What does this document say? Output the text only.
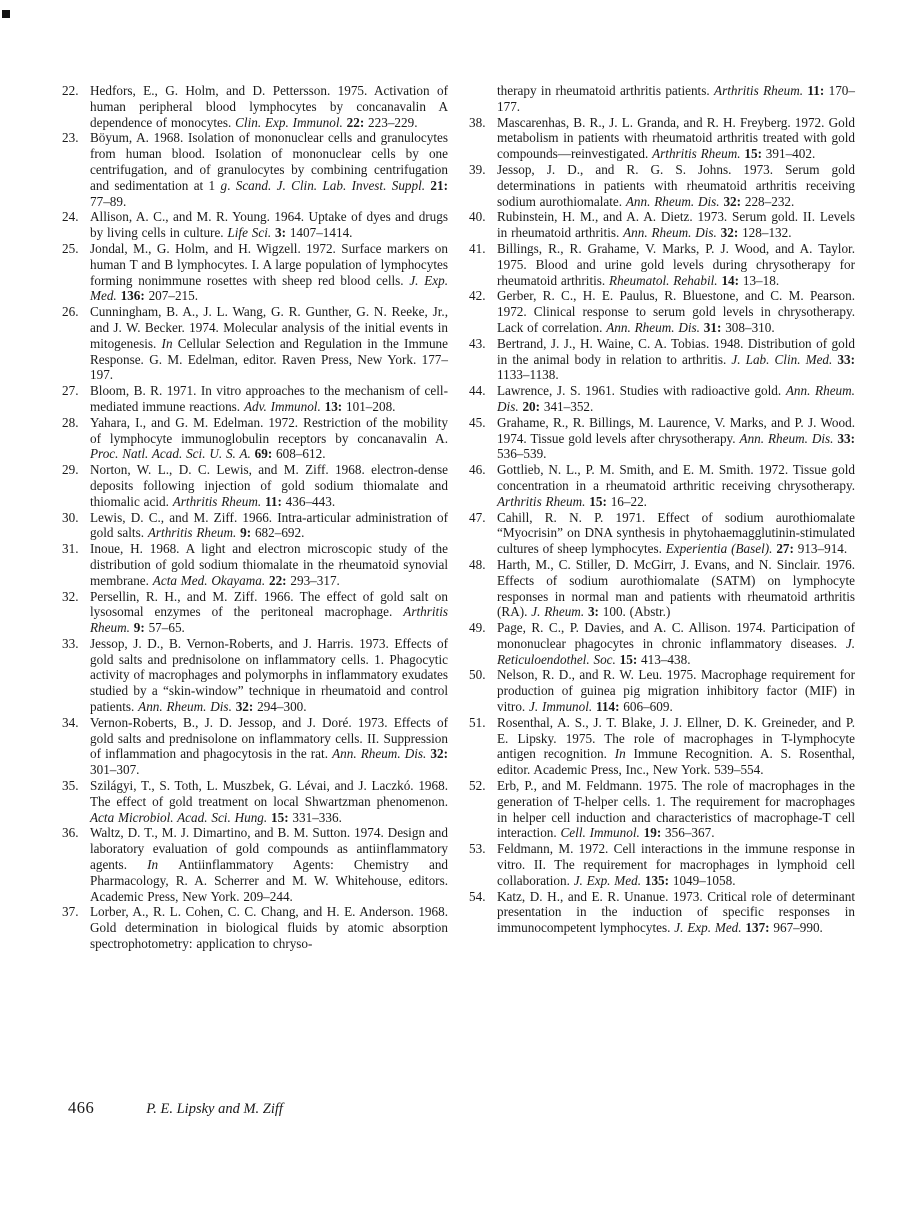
22. Hedfors, E., G. Holm, and D. Pettersson. 1975. Activation of human peripheral blood lymphocytes by concanavalin A dependence of monocytes. Clin. Exp. Immunol. 22: 223–229.
23. Böyum, A. 1968. Isolation of mononuclear cells and granulocytes from human blood. Isolation of mononuclear cells by one centrifugation, and of granulocytes by combining centrifugation and sedimentation at 1 g. Scand. J. Clin. Lab. Invest. Suppl. 21: 77–89.
24. Allison, A. C., and M. R. Young. 1964. Uptake of dyes and drugs by living cells in culture. Life Sci. 3: 1407–1414.
25. Jondal, M., G. Holm, and H. Wigzell. 1972. Surface markers on human T and B lymphocytes. I. A large population of lymphocytes forming nonimmune rosettes with sheep red blood cells. J. Exp. Med. 136: 207–215.
26. Cunningham, B. A., J. L. Wang, G. R. Gunther, G. N. Reeke, Jr., and J. W. Becker. 1974. Molecular analysis of the initial events in mitogenesis. In Cellular Selection and Regulation in the Immune Response. G. M. Edelman, editor. Raven Press, New York. 177–197.
27. Bloom, B. R. 1971. In vitro approaches to the mechanism of cell-mediated immune reactions. Adv. Immunol. 13: 101–208.
28. Yahara, I., and G. M. Edelman. 1972. Restriction of the mobility of lymphocyte immunoglobulin receptors by concanavalin A. Proc. Natl. Acad. Sci. U. S. A. 69: 608–612.
29. Norton, W. L., D. C. Lewis, and M. Ziff. 1968. electron-dense deposits following injection of gold sodium thiomalate and thiomalic acid. Arthritis Rheum. 11: 436–443.
30. Lewis, D. C., and M. Ziff. 1966. Intra-articular administration of gold salts. Arthritis Rheum. 9: 682–692.
31. Inoue, H. 1968. A light and electron microscopic study of the distribution of gold sodium thiomalate in the rheumatoid synovial membrane. Acta Med. Okayama. 22: 293–317.
32. Persellin, R. H., and M. Ziff. 1966. The effect of gold salt on lysosomal enzymes of the peritoneal macrophage. Arthritis Rheum. 9: 57–65.
33. Jessop, J. D., B. Vernon-Roberts, and J. Harris. 1973. Effects of gold salts and prednisolone on inflammatory cells. 1. Phagocytic activity of macrophages and polymorphs in inflammatory exudates studied by a “skin-window” technique in rheumatoid and control patients. Ann. Rheum. Dis. 32: 294–300.
34. Vernon-Roberts, B., J. D. Jessop, and J. Doré. 1973. Effects of gold salts and prednisolone on inflammatory cells. II. Suppression of inflammation and phagocytosis in the rat. Ann. Rheum. Dis. 32: 301–307.
35. Szilágyi, T., S. Toth, L. Muszbek, G. Lévai, and J. Laczkó. 1968. The effect of gold treatment on local Shwartzman phenomenon. Acta Microbiol. Acad. Sci. Hung. 15: 331–336.
36. Waltz, D. T., M. J. Dimartino, and B. M. Sutton. 1974. Design and laboratory evaluation of gold compounds as antiinflammatory agents. In Antiinflammatory Agents: Chemistry and Pharmacology, R. A. Scherrer and M. W. Whitehouse, editors. Academic Press, New York. 209–244.
37. Lorber, A., R. L. Cohen, C. C. Chang, and H. E. Anderson. 1968. Gold determination in biological fluids by atomic absorption spectrophotometry: application to chryso-
therapy in rheumatoid arthritis patients. Arthritis Rheum. 11: 170–177.
38. Mascarenhas, B. R., J. L. Granda, and R. H. Freyberg. 1972. Gold metabolism in patients with rheumatoid arthritis treated with gold compounds—reinvestigated. Arthritis Rheum. 15: 391–402.
39. Jessop, J. D., and R. G. S. Johns. 1973. Serum gold determinations in patients with rheumatoid arthritis receiving sodium aurothiomalate. Ann. Rheum. Dis. 32: 228–232.
40. Rubinstein, H. M., and A. A. Dietz. 1973. Serum gold. II. Levels in rheumatoid arthritis. Ann. Rheum. Dis. 32: 128–132.
41. Billings, R., R. Grahame, V. Marks, P. J. Wood, and A. Taylor. 1975. Blood and urine gold levels during chrysotherapy for rheumatoid arthritis. Rheumatol. Rehabil. 14: 13–18.
42. Gerber, R. C., H. E. Paulus, R. Bluestone, and C. M. Pearson. 1972. Clinical response to serum gold levels in chrysotherapy. Lack of correlation. Ann. Rheum. Dis. 31: 308–310.
43. Bertrand, J. J., H. Waine, C. A. Tobias. 1948. Distribution of gold in the animal body in relation to arthritis. J. Lab. Clin. Med. 33: 1133–1138.
44. Lawrence, J. S. 1961. Studies with radioactive gold. Ann. Rheum. Dis. 20: 341–352.
45. Grahame, R., R. Billings, M. Laurence, V. Marks, and P. J. Wood. 1974. Tissue gold levels after chrysotherapy. Ann. Rheum. Dis. 33: 536–539.
46. Gottlieb, N. L., P. M. Smith, and E. M. Smith. 1972. Tissue gold concentration in a rheumatoid arthritic receiving chrysotherapy. Arthritis Rheum. 15: 16–22.
47. Cahill, R. N. P. 1971. Effect of sodium aurothiomalate “Myocrisin” on DNA synthesis in phytohaemagglutinin-stimulated cultures of sheep lymphocytes. Experientia (Basel). 27: 913–914.
48. Harth, M., C. Stiller, D. McGirr, J. Evans, and N. Sinclair. 1976. Effects of sodium aurothiomalate (SATM) on lymphocyte responses in normal man and patients with rheumatoid arthritis (RA). J. Rheum. 3: 100. (Abstr.)
49. Page, R. C., P. Davies, and A. C. Allison. 1974. Participation of mononuclear phagocytes in chronic inflammatory diseases. J. Reticuloendothel. Soc. 15: 413–438.
50. Nelson, R. D., and R. W. Leu. 1975. Macrophage requirement for production of guinea pig migration inhibitory factor (MIF) in vitro. J. Immunol. 114: 606–609.
51. Rosenthal, A. S., J. T. Blake, J. J. Ellner, D. K. Greineder, and P. E. Lipsky. 1975. The role of macrophages in T-lymphocyte antigen recognition. In Immune Recognition. A. S. Rosenthal, editor. Academic Press, Inc., New York. 539–554.
52. Erb, P., and M. Feldmann. 1975. The role of macrophages in the generation of T-helper cells. 1. The requirement for macrophages in helper cell induction and characteristics of macrophage-T cell interaction. Cell. Immunol. 19: 356–367.
53. Feldmann, M. 1972. Cell interactions in the immune response in vitro. II. The requirement for macrophages in lymphoid cell collaboration. J. Exp. Med. 135: 1049–1058.
54. Katz, D. H., and E. R. Unanue. 1973. Critical role of determinant presentation in the induction of specific responses in immunocompetent lymphocytes. J. Exp. Med. 137: 967–990.
466	P. E. Lipsky and M. Ziff
